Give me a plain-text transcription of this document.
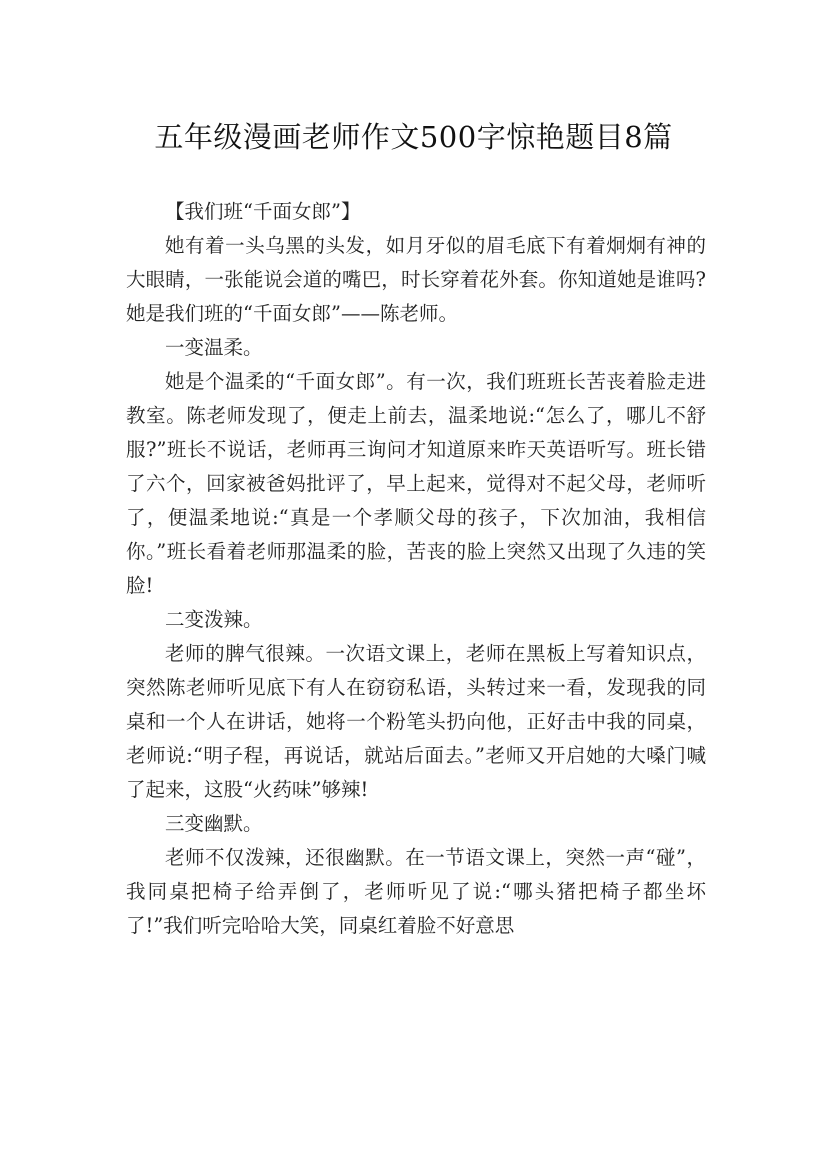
五年级漫画老师作文500字惊艳题目8篇

【我们班“千面女郎”】

她有着一头乌黑的头发，如月牙似的眉毛底下有着炯炯有神的大眼睛，一张能说会道的嘴巴，时长穿着花外套。你知道她是谁吗?她是我们班的“千面女郎”——陈老师。

一变温柔。

她是个温柔的“千面女郎”。有一次，我们班班长苦丧着脸走进教室。陈老师发现了，便走上前去，温柔地说:“怎么了，哪儿不舒服?”班长不说话，老师再三询问才知道原来昨天英语听写。班长错了六个，回家被爸妈批评了，早上起来，觉得对不起父母，老师听了，便温柔地说:“真是一个孝顺父母的孩子，下次加油，我相信你。”班长看着老师那温柔的脸，苦丧的脸上突然又出现了久违的笑脸!

二变泼辣。

老师的脾气很辣。一次语文课上，老师在黑板上写着知识点，突然陈老师听见底下有人在窃窃私语，头转过来一看，发现我的同桌和一个人在讲话，她将一个粉笔头扔向他，正好击中我的同桌，老师说:“明子程，再说话，就站后面去。”老师又开启她的大嗓门喊了起来，这股“火药味”够辣!

三变幽默。

老师不仅泼辣，还很幽默。在一节语文课上，突然一声“碰”，我同桌把椅子给弄倒了，老师听见了说:“哪头猪把椅子都坐坏了!”我们听完哈哈大笑，同桌红着脸不好意思
